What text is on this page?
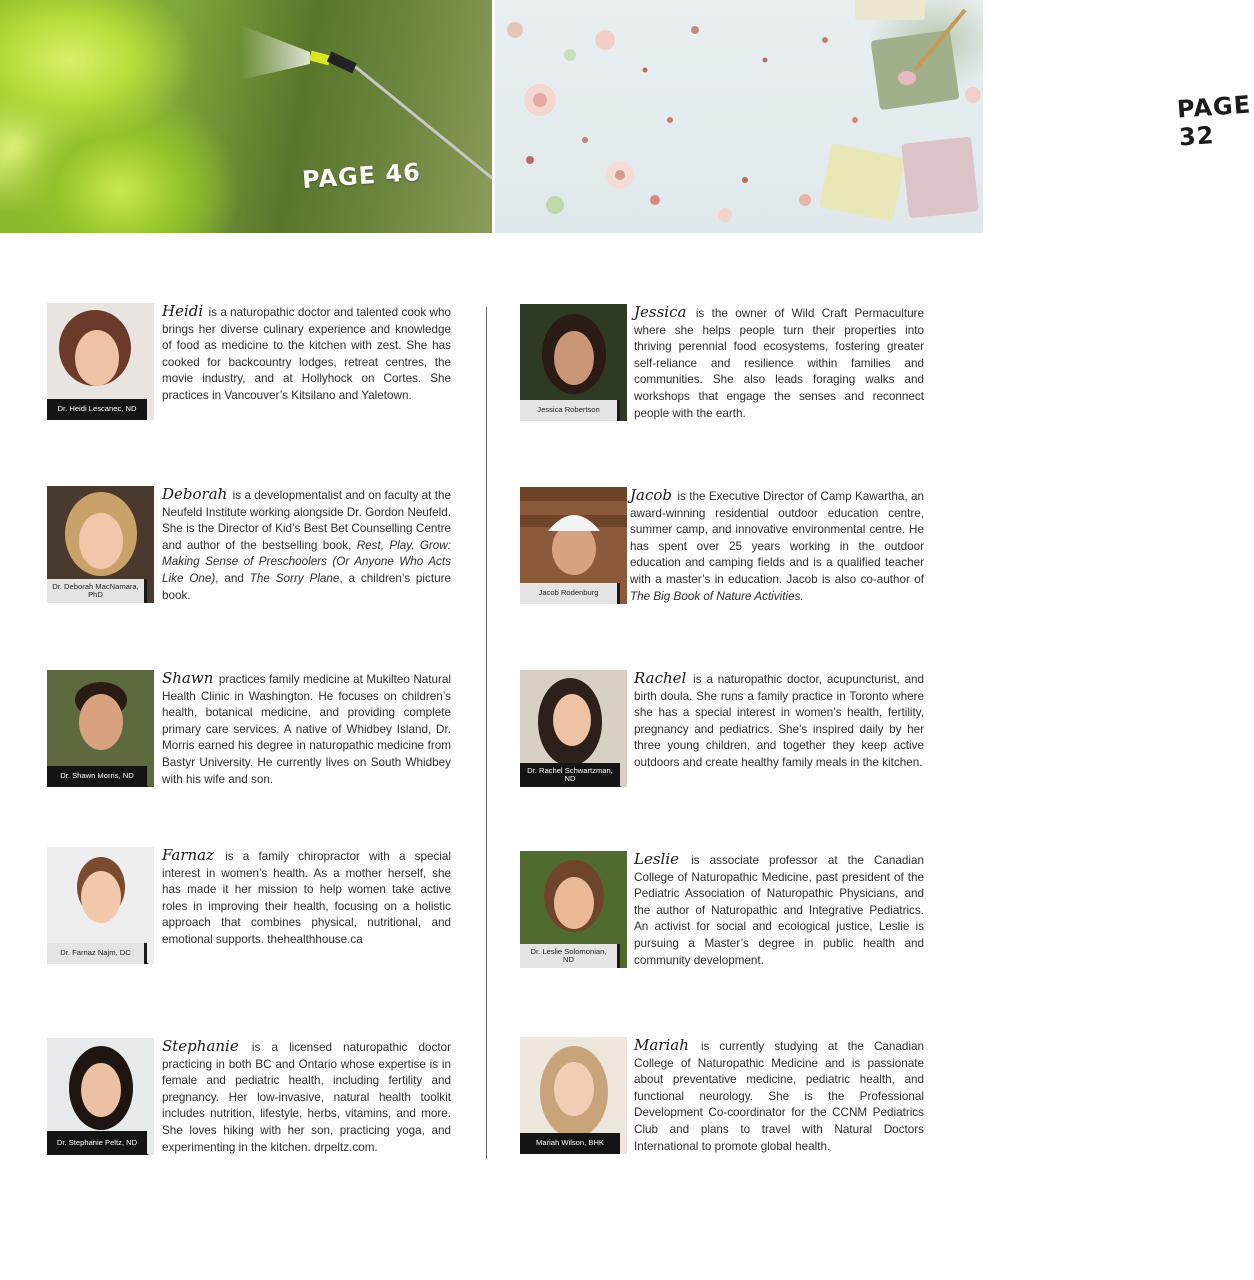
PAGE 46
PAGE 32
Dr. Heidi Lescanec, ND
Heidi is a naturopathic doctor and talented cook who brings her diverse culinary experience and knowledge of food as medicine to the kitchen with zest. She has cooked for backcountry lodges, retreat centres, the movie industry, and at Hollyhock on Cortes. She practices in Vancouver’s Kitsilano and Yaletown.
Dr. Deborah MacNamara, PhD
Deborah is a developmentalist and on faculty at the Neufeld Institute working alongside Dr. Gordon Neufeld. She is the Director of Kid’s Best Bet Counselling Centre and author of the bestselling book, Rest, Play, Grow: Making Sense of Preschoolers (Or Anyone Who Acts Like One), and The Sorry Plane, a children’s picture book.
Dr. Shawn Morris, ND
Shawn practices family medicine at Mukilteo Natural Health Clinic in Washington. He focuses on children’s health, botanical medicine, and providing complete primary care services. A native of Whidbey Island, Dr. Morris earned his degree in naturopathic medicine from Bastyr University. He currently lives on South Whidbey with his wife and son.
Dr. Farnaz Najm, DC
Farnaz is a family chiropractor with a special interest in women’s health. As a mother herself, she has made it her mission to help women take active roles in improving their health, focusing on a holistic approach that combines physical, nutritional, and emotional supports. thehealthhouse.ca
Dr. Stephanie Peltz, ND
Stephanie is a licensed naturopathic doctor practicing in both BC and Ontario whose expertise is in female and pediatric health, including fertility and pregnancy. Her low-invasive, natural health toolkit includes nutrition, lifestyle, herbs, vitamins, and more. She loves hiking with her son, practicing yoga, and experimenting in the kitchen. drpeltz.com.
Jessica Robertson
Jessica is the owner of Wild Craft Permaculture where she helps people turn their properties into thriving perennial food ecosystems, fostering greater self-reliance and resilience within families and communities. She also leads foraging walks and workshops that engage the senses and reconnect people with the earth.
Jacob Rodenburg
Jacob is the Executive Director of Camp Kawartha, an award-winning residential outdoor education centre, summer camp, and innovative environmental centre. He has spent over 25 years working in the outdoor education and camping fields and is a qualified teacher with a master’s in education. Jacob is also co-author of The Big Book of Nature Activities.
Dr. Rachel Schwartzman, ND
Rachel is a naturopathic doctor, acupuncturist, and birth doula. She runs a family practice in Toronto where she has a special interest in women’s health, fertility, pregnancy and pediatrics. She’s inspired daily by her three young children, and together they keep active outdoors and create healthy family meals in the kitchen.
Dr. Leslie Solomonian, ND
Leslie is associate professor at the Canadian College of Naturopathic Medicine, past president of the Pediatric Association of Naturopathic Physicians, and the author of Naturopathic and Integrative Pediatrics. An activist for social and ecological justice, Leslie is pursuing a Master’s degree in public health and community development.
Mariah Wilson, BHK
Mariah is currently studying at the Canadian College of Naturopathic Medicine and is passionate about preventative medicine, pediatric health, and functional neurology. She is the Professional Development Co-coordinator for the CCNM Pediatrics Club and plans to travel with Natural Doctors International to promote global health.
